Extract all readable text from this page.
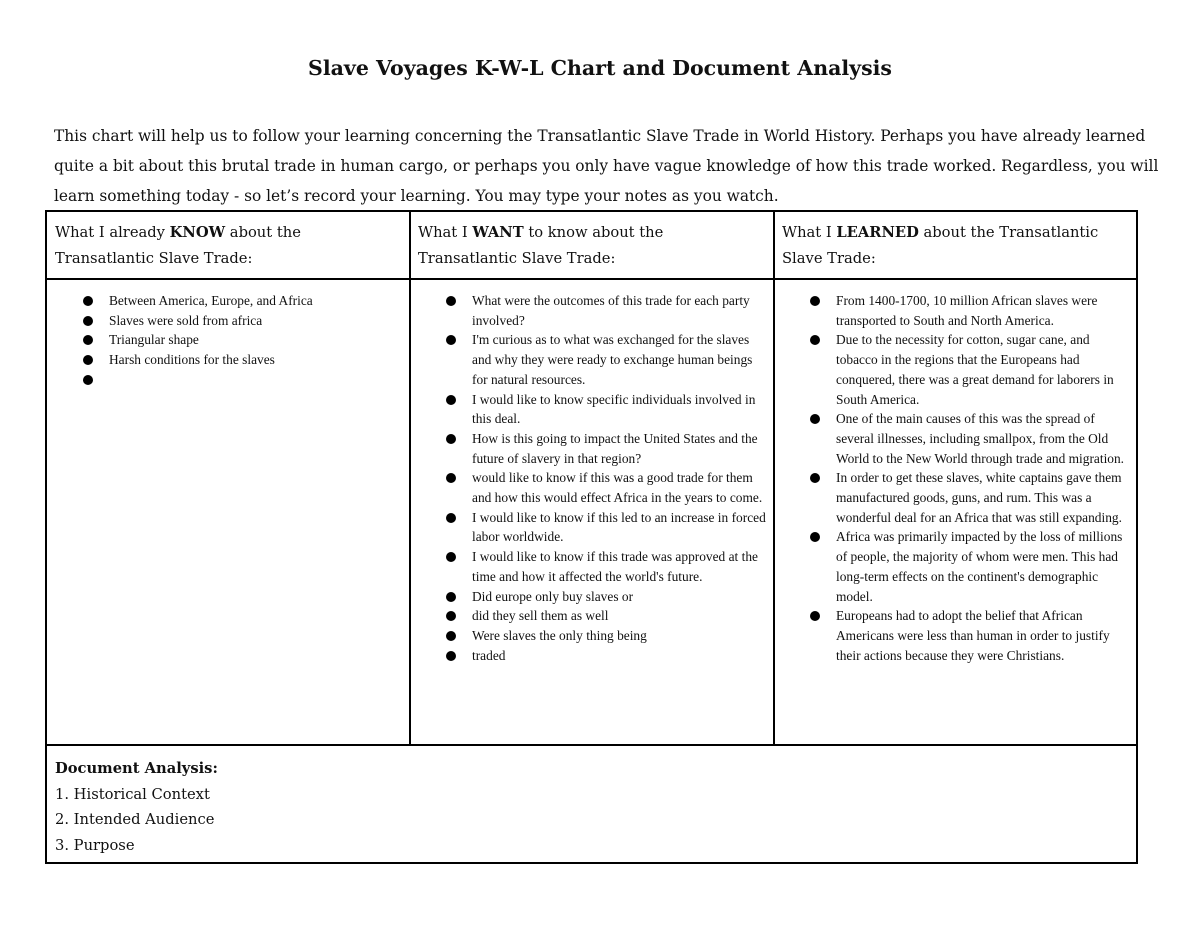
Slave Voyages K-W-L Chart and Document Analysis

This chart will help us to follow your learning concerning the Transatlantic Slave Trade in World History. Perhaps you have already learned quite a bit about this brutal trade in human cargo, or perhaps you only have vague knowledge of how this trade worked. Regardless, you will learn something today - so let’s record your learning. You may type your notes as you watch.

What I already KNOW about the Transatlantic Slave Trade:

What I WANT to know about the Transatlantic Slave Trade:

What I LEARNED about the Transatlantic Slave Trade:

Between America, Europe, and Africa
Slaves were sold from africa
Triangular shape
Harsh conditions for the slaves
What were the outcomes of this trade for each party involved?
I'm curious as to what was exchanged for the slaves and why they were ready to exchange human beings for natural resources.
I would like to know specific individuals involved in this deal.
How is this going to impact the United States and the future of slavery in that region?
would like to know if this was a good trade for them and how this would effect Africa in the years to come.
I would like to know if this led to an increase in forced labor worldwide.
I would like to know if this trade was approved at the time and how it affected the world's future.
Did europe only buy slaves or
did they sell them as well
Were slaves the only thing being
traded
From 1400-1700, 10 million African slaves were transported to South and North America.
Due to the necessity for cotton, sugar cane, and tobacco in the regions that the Europeans had conquered, there was a great demand for laborers in South America.
One of the main causes of this was the spread of several illnesses, including smallpox, from the Old World to the New World through trade and migration.
In order to get these slaves, white captains gave them manufactured goods, guns, and rum. This was a wonderful deal for an Africa that was still expanding.
Africa was primarily impacted by the loss of millions of people, the majority of whom were men. This had long-term effects on the continent's demographic model.
Europeans had to adopt the belief that African Americans were less than human in order to justify their actions because they were Christians.
Document Analysis:
1. Historical Context
2. Intended Audience
3. Purpose
